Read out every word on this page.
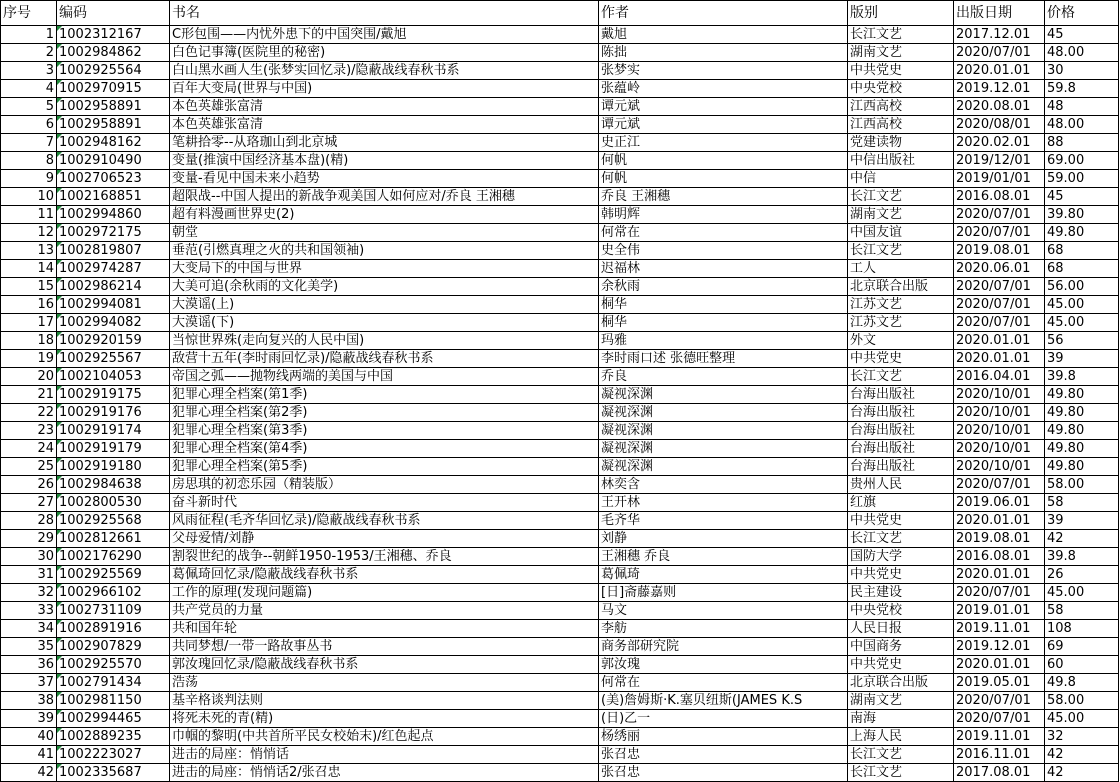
序号	编码	书名	作者	版别	出版日期	价格
1	1002312167	C形包围——内忧外患下的中国突围/戴旭	戴旭	长江文艺	2017.12.01	45
2	1002984862	白色记事簿(医院里的秘密)	陈拙	湖南文艺	2020/07/01	48.00
3	1002925564	白山黑水画人生(张梦实回忆录)/隐蔽战线春秋书系	张梦实	中共党史	2020.01.01	30
4	1002970915	百年大变局(世界与中国)	张蕴岭	中央党校	2019.12.01	59.8
5	1002958891	本色英雄张富清	谭元斌	江西高校	2020.08.01	48
6	1002958891	本色英雄张富清	谭元斌	江西高校	2020/08/01	48.00
7	1002948162	笔耕拾零--从珞珈山到北京城	史正江	党建读物	2020.02.01	88
8	1002910490	变量(推演中国经济基本盘)(精)	何帆	中信出版社	2019/12/01	69.00
9	1002706523	变量-看见中国未来小趋势	何帆	中信	2019/01/01	59.00
10	1002168851	超限战--中国人提出的新战争观美国人如何应对/乔良 王湘穗	乔良 王湘穗	长江文艺	2016.08.01	45
11	1002994860	超有料漫画世界史(2)	韩明辉	湖南文艺	2020/07/01	39.80
12	1002972175	朝堂	何常在	中国友谊	2020/07/01	49.80
13	1002819807	垂范(引燃真理之火的共和国领袖)	史全伟	长江文艺	2019.08.01	68
14	1002974287	大变局下的中国与世界	迟福林	工人	2020.06.01	68
15	1002986214	大美可追(余秋雨的文化美学)	余秋雨	北京联合出版	2020/07/01	56.00
16	1002994081	大漠谣(上)	桐华	江苏文艺	2020/07/01	45.00
17	1002994082	大漠谣(下)	桐华	江苏文艺	2020/07/01	45.00
18	1002920159	当惊世界殊(走向复兴的人民中国)	玛雅	外文	2020.01.01	56
19	1002925567	敌营十五年(李时雨回忆录)/隐蔽战线春秋书系	李时雨口述 张德旺整理	中共党史	2020.01.01	39
20	1002104053	帝国之弧——抛物线两端的美国与中国	乔良	长江文艺	2016.04.01	39.8
21	1002919175	犯罪心理全档案(第1季)	凝视深渊	台海出版社	2020/10/01	49.80
22	1002919176	犯罪心理全档案(第2季)	凝视深渊	台海出版社	2020/10/01	49.80
23	1002919174	犯罪心理全档案(第3季)	凝视深渊	台海出版社	2020/10/01	49.80
24	1002919179	犯罪心理全档案(第4季)	凝视深渊	台海出版社	2020/10/01	49.80
25	1002919180	犯罪心理全档案(第5季)	凝视深渊	台海出版社	2020/10/01	49.80
26	1002984638	房思琪的初恋乐园（精装版）	林奕含	贵州人民	2020/07/01	58.00
27	1002800530	奋斗新时代	王开林	红旗	2019.06.01	58
28	1002925568	风雨征程(毛齐华回忆录)/隐蔽战线春秋书系	毛齐华	中共党史	2020.01.01	39
29	1002812661	父母爱情/刘静	刘静	长江文艺	2019.08.01	42
30	1002176290	割裂世纪的战争--朝鲜1950-1953/王湘穗、乔良	王湘穗 乔良	国防大学	2016.08.01	39.8
31	1002925569	葛佩琦回忆录/隐蔽战线春秋书系	葛佩琦	中共党史	2020.01.01	26
32	1002966102	工作的原理(发现问题篇)	[日]斋藤嘉则	民主建设	2020/07/01	45.00
33	1002731109	共产党员的力量	马文	中央党校	2019.01.01	58
34	1002891916	共和国年轮	李舫	人民日报	2019.11.01	108
35	1002907829	共同梦想/一带一路故事丛书	商务部研究院	中国商务	2019.12.01	69
36	1002925570	郭汝瑰回忆录/隐蔽战线春秋书系	郭汝瑰	中共党史	2020.01.01	60
37	1002791434	浩荡	何常在	北京联合出版	2019.05.01	49.8
38	1002981150	基辛格谈判法则	(美)詹姆斯·K.塞贝纽斯(JAMES K.S	湖南文艺	2020/07/01	58.00
39	1002994465	将死未死的青(精)	(日)乙一	南海	2020/07/01	45.00
40	1002889235	巾帼的黎明(中共首所平民女校始末)/红色起点	杨绣丽	上海人民	2019.11.01	32
41	1002223027	进击的局座：悄悄话	张召忠	长江文艺	2016.11.01	42
42	1002335687	进击的局座：悄悄话2/张召忠	张召忠	长江文艺	2017.08.01	42
